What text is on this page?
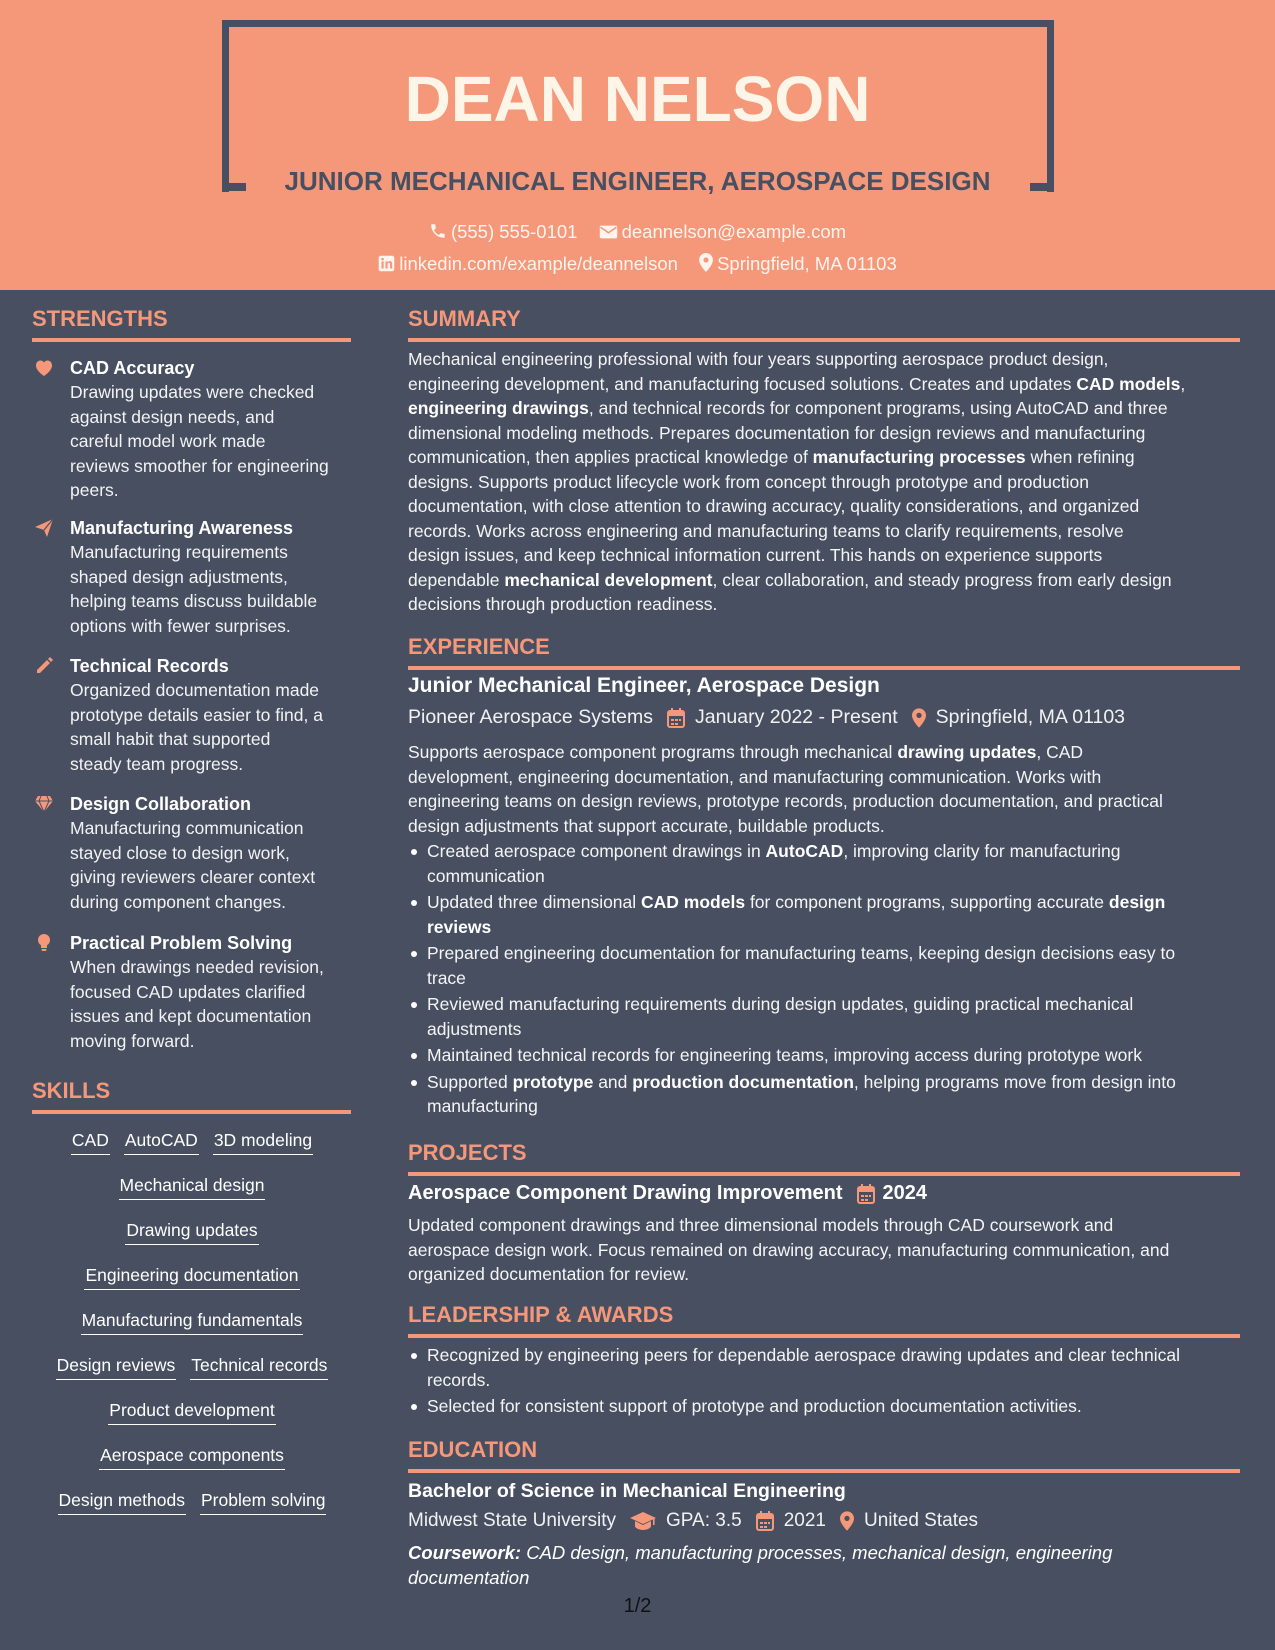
DEAN NELSON
JUNIOR MECHANICAL ENGINEER, AEROSPACE DESIGN
(555) 555-0101 deannelson@example.com
linkedin.com/example/deannelson Springfield, MA 01103
STRENGTHS
CAD Accuracy
Drawing updates were checked
against design needs, and
careful model work made
reviews smoother for engineering
peers.
Manufacturing Awareness
Manufacturing requirements
shaped design adjustments,
helping teams discuss buildable
options with fewer surprises.
Technical Records
Organized documentation made
prototype details easier to find, a
small habit that supported
steady team progress.
Design Collaboration
Manufacturing communication
stayed close to design work,
giving reviewers clearer context
during component changes.
Practical Problem Solving
When drawings needed revision,
focused CAD updates clarified
issues and kept documentation
moving forward.
SKILLS
CAD AutoCAD 3D modeling
Mechanical design
Drawing updates
Engineering documentation
Manufacturing fundamentals
Design reviews Technical records
Product development
Aerospace components
Design methods Problem solving
SUMMARY
Mechanical engineering professional with four years supporting aerospace product design,
engineering development, and manufacturing focused solutions. Creates and updates CAD models,
engineering drawings, and technical records for component programs, using AutoCAD and three
dimensional modeling methods. Prepares documentation for design reviews and manufacturing
communication, then applies practical knowledge of manufacturing processes when refining
designs. Supports product lifecycle work from concept through prototype and production
documentation, with close attention to drawing accuracy, quality considerations, and organized
records. Works across engineering and manufacturing teams to clarify requirements, resolve
design issues, and keep technical information current. This hands on experience supports
dependable mechanical development, clear collaboration, and steady progress from early design
decisions through production readiness.
EXPERIENCE
Junior Mechanical Engineer, Aerospace Design
Pioneer Aerospace Systems January 2022 - Present Springfield, MA 01103
Supports aerospace component programs through mechanical drawing updates, CAD
development, engineering documentation, and manufacturing communication. Works with
engineering teams on design reviews, prototype records, production documentation, and practical
design adjustments that support accurate, buildable products.
Created aerospace component drawings in AutoCAD, improving clarity for manufacturing
communication
Updated three dimensional CAD models for component programs, supporting accurate design
reviews
Prepared engineering documentation for manufacturing teams, keeping design decisions easy to
trace
Reviewed manufacturing requirements during design updates, guiding practical mechanical
adjustments
Maintained technical records for engineering teams, improving access during prototype work
Supported prototype and production documentation, helping programs move from design into
manufacturing
PROJECTS
Aerospace Component Drawing Improvement 2024
Updated component drawings and three dimensional models through CAD coursework and
aerospace design work. Focus remained on drawing accuracy, manufacturing communication, and
organized documentation for review.
LEADERSHIP & AWARDS
Recognized by engineering peers for dependable aerospace drawing updates and clear technical
records.
Selected for consistent support of prototype and production documentation activities.
EDUCATION
Bachelor of Science in Mechanical Engineering
Midwest State University	GPA: 3.5 2021 United States
Coursework: CAD design, manufacturing processes, mechanical design, engineering
documentation
1/2
